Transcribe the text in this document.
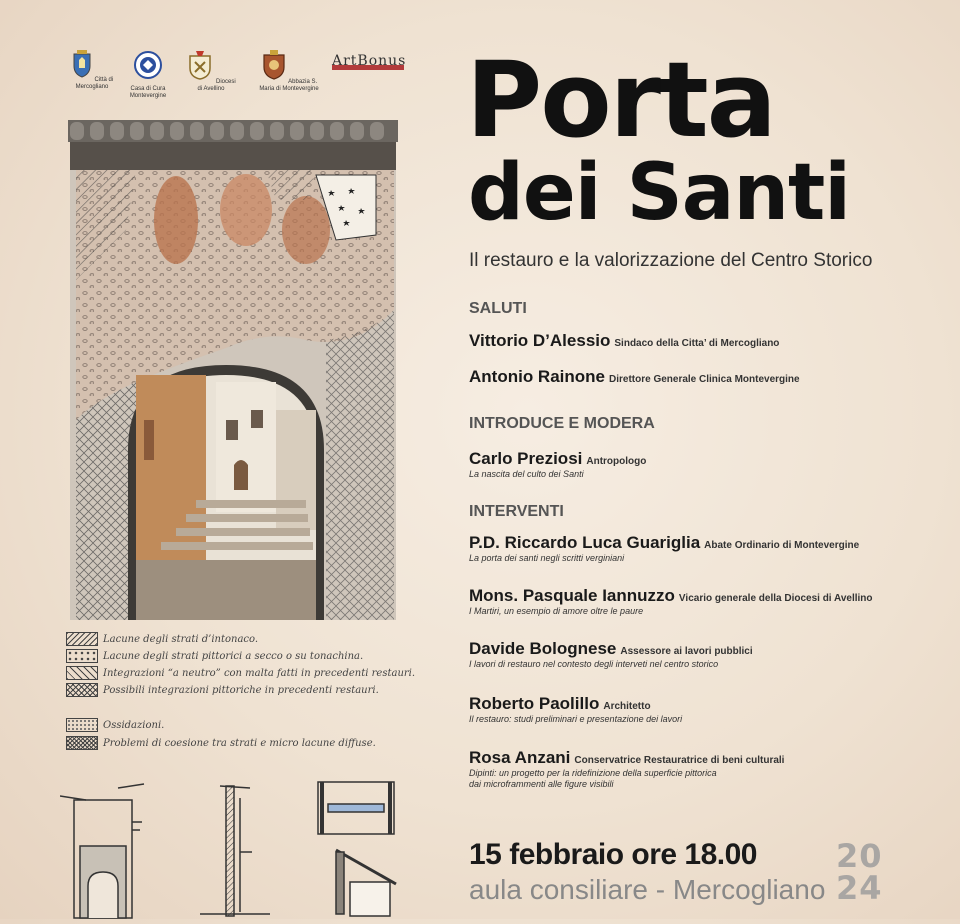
Città di Mercogliano	Casa di Cura Montevergine
Diocesi di Avellino
Abbazia S. Maria di Montevergine
ArtBonus
Lacune degli strati d’intonaco.
Lacune degli strati pittorici a secco o su tonachina.
Integrazioni “a neutro” con malta fatti in precedenti restauri.
Possibili integrazioni pittoriche in precedenti restauri.
Ossidazioni.
Problemi di coesione tra strati e micro lacune diffuse.
Porta
dei Santi
Il restauro e la valorizzazione del Centro Storico
SALUTI
Vittorio D’Alessio Sindaco della Citta’ di Mercogliano
Antonio Rainone Direttore Generale Clinica Montevergine
INTRODUCE E MODERA
Carlo Preziosi Antropologo
La nascita del culto dei Santi
INTERVENTI
P.D. Riccardo Luca Guariglia Abate Ordinario di Montevergine
La porta dei santi negli scritti verginiani
Mons. Pasquale Iannuzzo Vicario generale della Diocesi di Avellino
I Martiri, un esempio di amore oltre le paure
Davide Bolognese Assessore ai lavori pubblici
I lavori di restauro nel contesto degli interveti nel centro storico
Roberto Paolillo Architetto
Il restauro: studi preliminari e presentazione dei lavori
Rosa Anzani Conservatrice Restauratrice di beni culturali
Dipinti: un progetto per la ridefinizione della superficie pittorica
dai microframmenti alle figure visibili
15 febbraio ore 18.00
aula consiliare - Mercogliano
20
24
